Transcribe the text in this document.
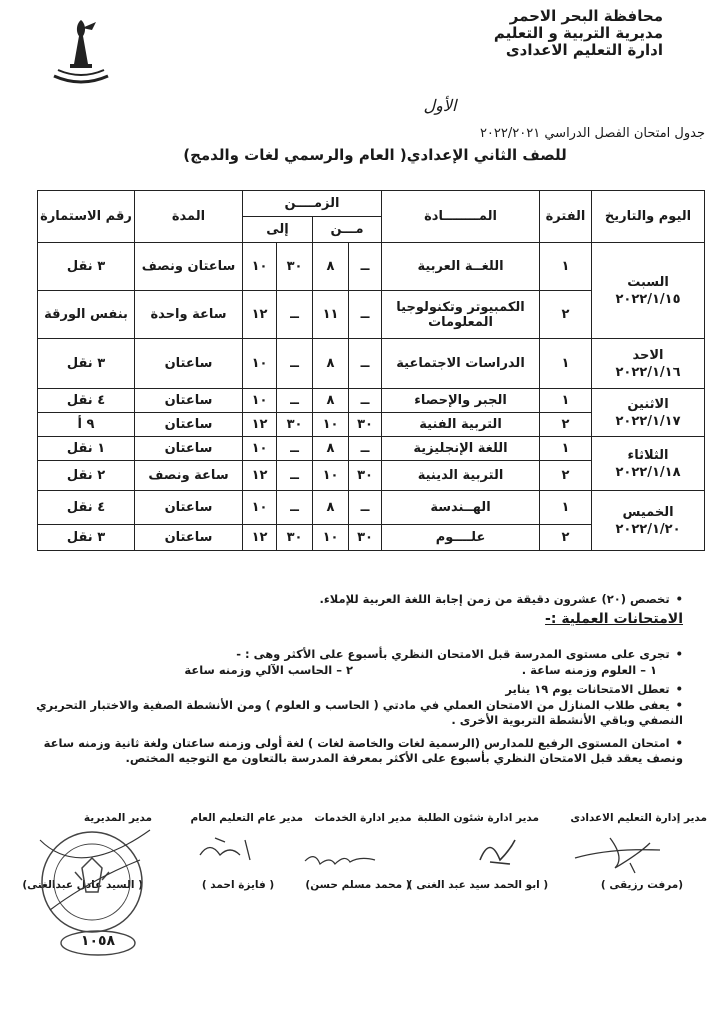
محافظة البحر الاحمر
مديرية التربية و التعليم
ادارة التعليم الاعدادى
الأول
جدول امتحان الفصل الدراسي ٢٠٢٢/٢٠٢١
للصف الثاني الإعدادي( العام والرسمي لغات والدمج)
اليوم والتاريخ	الفترة	المــــــــادة	الزمــــن				المدة	رقم الاستمارة
			مـــن		إلى			

السبت
٢٠٢٢/١/١٥	١	اللغــة العربية	ــ	٨	٣٠	١٠	ساعتان ونصف	٣ نقل
	٢	الكمبيوتر وتكنولوجيا المعلومات	ــ	١١	ــ	١٢	ساعة واحدة	بنفس الورقة

الاحد
٢٠٢٢/١/١٦	١	الدراسات الاجتماعية	ــ	٨	ــ	١٠	ساعتان	٣ نقل

الاثنين
٢٠٢٢/١/١٧	١	الجبر والإحصاء	ــ	٨	ــ	١٠	ساعتان	٤ نقل
	٢	التربية الفنية	٣٠	١٠	٣٠	١٢	ساعتان	٩ أ

الثلاثاء
٢٠٢٢/١/١٨	١	اللغة الإنجليزية	ــ	٨	ــ	١٠	ساعتان	١ نقل
	٢	التربية الدينية	٣٠	١٠	ــ	١٢	ساعة ونصف	٢ نقل

الخميس
٢٠٢٢/١/٢٠	١	الهــندسة	ــ	٨	ــ	١٠	ساعتان	٤ نقل
	٢	علــــوم	٣٠	١٠	٣٠	١٢	ساعتان	٣ نقل
• تخصص (٢٠) عشرون دقيقة من زمن إجابة اللغة العربية للإملاء.
الامتحانات العملية :-
• تجرى على مستوى المدرسة قبل الامتحان النظري بأسبوع على الأكثر وهى : -
١ – العلوم وزمنه ساعة .
٢ – الحاسب الآلي وزمنه ساعة
• تعطل الامتحانات يوم ١٩ يناير
• يعفى طلاب المنازل من الامتحان العملي في مادتي ( الحاسب و العلوم ) ومن الأنشطة الصفية والاختبار التحريري النصفي وباقي الأنشطة التربوية الأخرى .
• امتحان المستوى الرفيع للمدارس (الرسمية لغات والخاصة لغات ) لغة أولى وزمنه ساعتان ولغة ثانية وزمنه ساعة ونصف يعقد قبل الامتحان النظري بأسبوع على الأكثر بمعرفة المدرسة بالتعاون مع التوجيه المختص.
مدير إدارة التعليم الاعدادى
مدير ادارة شئون الطلبة
مدير ادارة الخدمات
مدير عام التعليم العام
مدير المديرية
(مرفت رزيقى )
( ابو الحمد سيد عبد الغنى )
( محمد مسلم حسن)
( فايزة احمد )
( السيد عادل عبدالغنى)
١٠٥٨
